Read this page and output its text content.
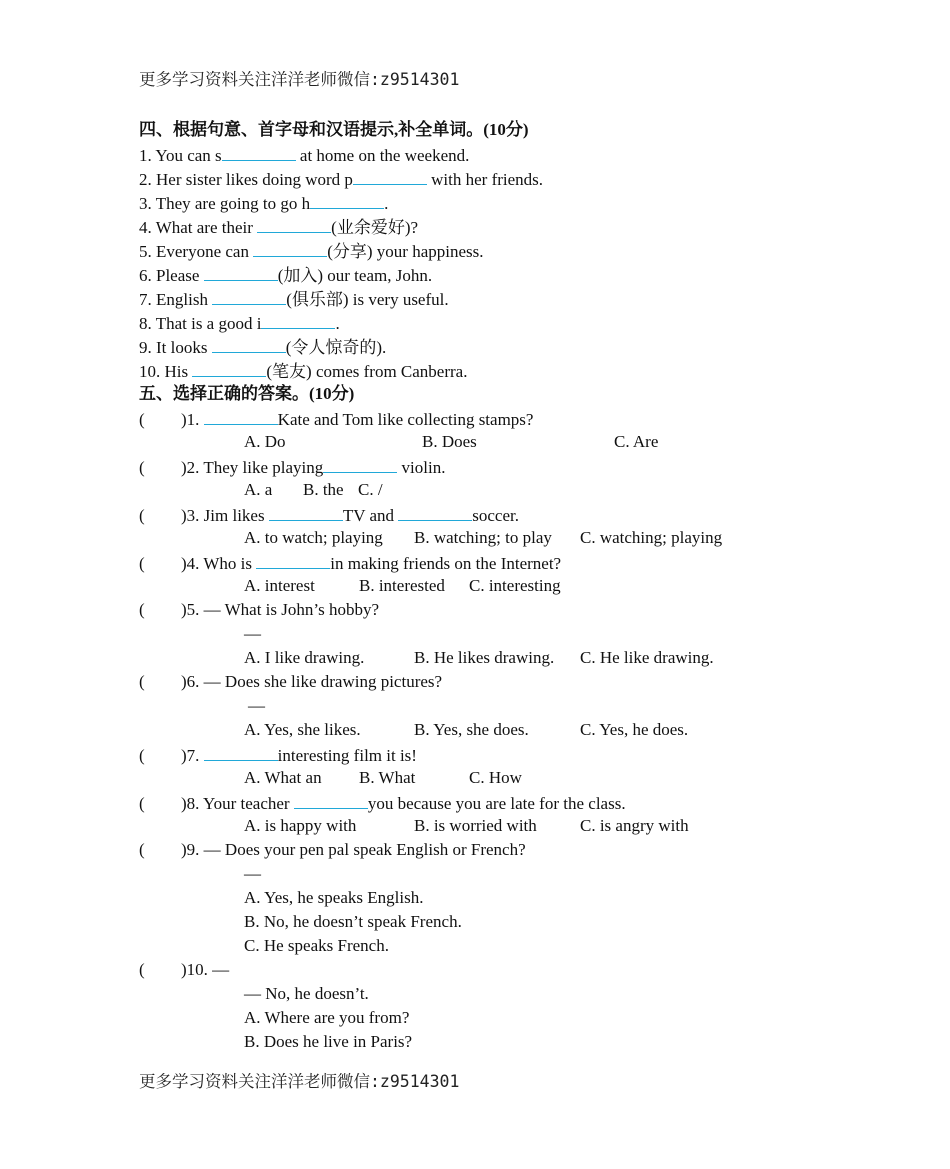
更多学习资料关注洋洋老师微信:z9514301
四、根据句意、首字母和汉语提示,补全单词。(10分)
1. You can s	at home on the weekend.
2. Her sister likes doing word p	with her friends.
3. They are going to go h	.
4. What are their	(业余爱好)?
5. Everyone can	(分享) your happiness.
6. Please	(加入) our team, John.
7. English	(俱乐部) is very useful.
8. That is a good i	.
9. It looks	(令人惊奇的).
10. His	(笔友) comes from Canberra.
五、选择正确的答案。(10分)
( )1.	Kate and Tom like collecting stamps?
A. Do	B. Does	C. Are
( )2. They like playing	violin.
A. a B. the C. /
( )3. Jim likes	TV and	soccer.
A. to watch; playing B. watching; to play C. watching; playing
( )4. Who is	in making friends on the Internet?
A. interest	B. interested C. interesting
( )5. — What is John’s hobby?
—
A. I like drawing.	B. He likes drawing. C. He like drawing.
( )6. — Does she like drawing pictures?
—
A. Yes, she likes.	B. Yes, she does.	C. Yes, he does.
( )7.	interesting film it is!
A. What an B. What	C. How
( )8. Your teacher	you because you are late for the class.
A. is happy with	B. is worried with	C. is angry with
( )9. — Does your pen pal speak English or French?
—
A. Yes, he speaks English.
B. No, he doesn’t speak French.
C. He speaks French.
( )10. —
— No, he doesn’t.
A. Where are you from?
B. Does he live in Paris?
更多学习资料关注洋洋老师微信:z9514301
